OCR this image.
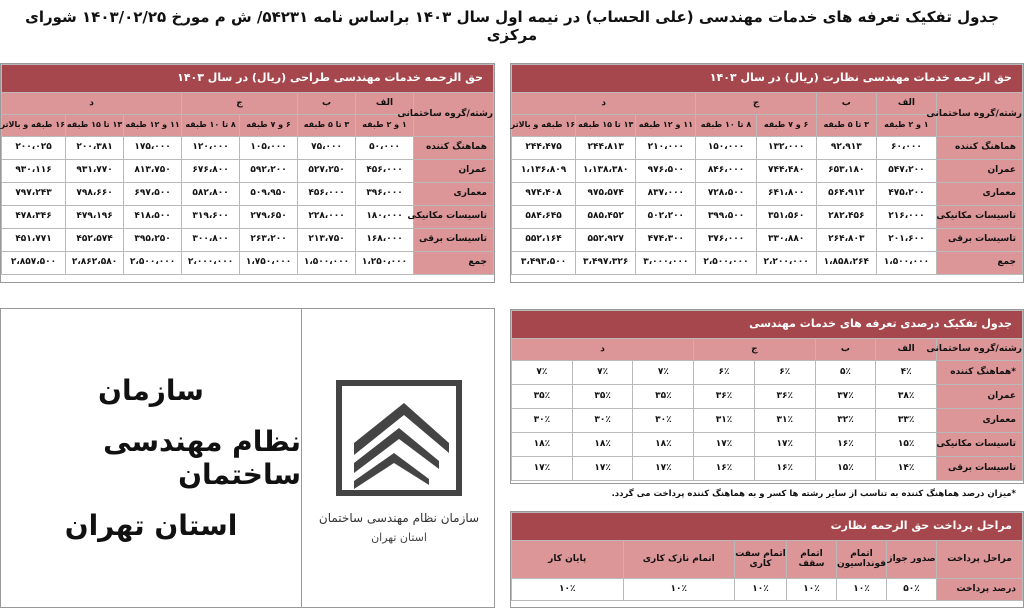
جدول تفکیک تعرفه های خدمات مهندسی (علی الحساب) در نیمه اول سال ۱۴۰۳ براساس نامه ۵۴۲۳۱/ ش م مورخ ۱۴۰۳/۰۲/۲۵ شورای مرکزی
حق الزحمه خدمات مهندسی نظارت (ریال) در سال ۱۴۰۳							
رشته/گروه ساختمانی	الف	ب	ج		د		
	۱ و ۲ طبقه	۳ تا ۵ طبقه	۶ و ۷ طبقه	۸ تا ۱۰ طبقه	۱۱ و ۱۲ طبقه	۱۳ تا ۱۵ طبقه	۱۶ طبقه و بالاتر
هماهنگ کننده	۶۰،۰۰۰	۹۲،۹۱۳	۱۳۲،۰۰۰	۱۵۰،۰۰۰	۲۱۰،۰۰۰	۲۴۴،۸۱۳	۲۴۴،۴۷۵
عمران	۵۴۷،۲۰۰	۶۵۳،۱۸۰	۷۴۴،۴۸۰	۸۴۶،۰۰۰	۹۷۶،۵۰۰	۱،۱۳۸،۳۸۰	۱،۱۳۶،۸۰۹
معماری	۴۷۵،۲۰۰	۵۶۴،۹۱۲	۶۴۱،۸۰۰	۷۲۸،۵۰۰	۸۳۷،۰۰۰	۹۷۵،۵۷۴	۹۷۴،۴۰۸
تاسیسات مکانیکی	۲۱۶،۰۰۰	۲۸۲،۴۵۶	۳۵۱،۵۶۰	۳۹۹،۵۰۰	۵۰۲،۲۰۰	۵۸۵،۴۵۲	۵۸۴،۶۴۵
تاسیسات برقی	۲۰۱،۶۰۰	۲۶۴،۸۰۳	۳۳۰،۸۸۰	۳۷۶،۰۰۰	۴۷۴،۳۰۰	۵۵۲،۹۲۷	۵۵۲،۱۶۴
جمع	۱،۵۰۰،۰۰۰	۱،۸۵۸،۲۶۴	۲،۲۰۰،۰۰۰	۲،۵۰۰،۰۰۰	۳،۰۰۰،۰۰۰	۳،۴۹۷،۳۲۶	۳،۴۹۳،۵۰۰
حق الزحمه خدمات مهندسی طراحی (ریال) در سال ۱۴۰۳							
رشته/گروه ساختمانی	الف	ب	ج		د		
	۱ و ۲ طبقه	۳ تا ۵ طبقه	۶ و ۷ طبقه	۸ تا ۱۰ طبقه	۱۱ و ۱۲ طبقه	۱۳ تا ۱۵ طبقه	۱۶ طبقه و بالاتر
هماهنگ کننده	۵۰،۰۰۰	۷۵،۰۰۰	۱۰۵،۰۰۰	۱۲۰،۰۰۰	۱۷۵،۰۰۰	۲۰۰،۳۸۱	۲۰۰،۰۲۵
عمران	۴۵۶،۰۰۰	۵۲۷،۲۵۰	۵۹۲،۲۰۰	۶۷۶،۸۰۰	۸۱۳،۷۵۰	۹۳۱،۷۷۰	۹۳۰،۱۱۶
معماری	۳۹۶،۰۰۰	۴۵۶،۰۰۰	۵۰۹،۹۵۰	۵۸۲،۸۰۰	۶۹۷،۵۰۰	۷۹۸،۶۶۰	۷۹۷،۲۴۳
تاسیسات مکانیکی	۱۸۰،۰۰۰	۲۲۸،۰۰۰	۲۷۹،۶۵۰	۳۱۹،۶۰۰	۴۱۸،۵۰۰	۴۷۹،۱۹۶	۴۷۸،۳۴۶
تاسیسات برقی	۱۶۸،۰۰۰	۲۱۳،۷۵۰	۲۶۳،۲۰۰	۳۰۰،۸۰۰	۳۹۵،۲۵۰	۴۵۲،۵۷۴	۴۵۱،۷۷۱
جمع	۱،۲۵۰،۰۰۰	۱،۵۰۰،۰۰۰	۱،۷۵۰،۰۰۰	۲،۰۰۰،۰۰۰	۲،۵۰۰،۰۰۰	۲،۸۶۲،۵۸۰	۲،۸۵۷،۵۰۰
سازمان
نظام مهندسی ساختمان
استان تهران	سازمان نظام مهندسی ساختمان
استان تهران
جدول تفکیک درصدی تعرفه های خدمات مهندسی							
رشته/گروه ساختمانی	الف	ب	ج		د		
*هماهنگ کننده	۴٪	۵٪	۶٪	۶٪	۷٪	۷٪	۷٪
عمران	۳۸٪	۳۷٪	۳۶٪	۳۶٪	۳۵٪	۳۵٪	۳۵٪
معماری	۳۳٪	۳۲٪	۳۱٪	۳۱٪	۳۰٪	۳۰٪	۳۰٪
تاسیسات مکانیکی	۱۵٪	۱۶٪	۱۷٪	۱۷٪	۱۸٪	۱۸٪	۱۸٪
تاسیسات برقی	۱۴٪	۱۵٪	۱۶٪	۱۶٪	۱۷٪	۱۷٪	۱۷٪
*میزان درصد هماهنگ کننده به تناسب از سایر رشته ها کسر و به هماهنگ کننده پرداخت می گردد.
مراحل پرداخت حق الزحمه نظارت						
مراحل پرداخت	صدور جواز	اتمام فونداسیون	اتمام سقف	اتمام سفت کاری	اتمام نازک کاری	پایان کار
درصد پرداخت	۵۰٪	۱۰٪	۱۰٪	۱۰٪	۱۰٪	۱۰٪
